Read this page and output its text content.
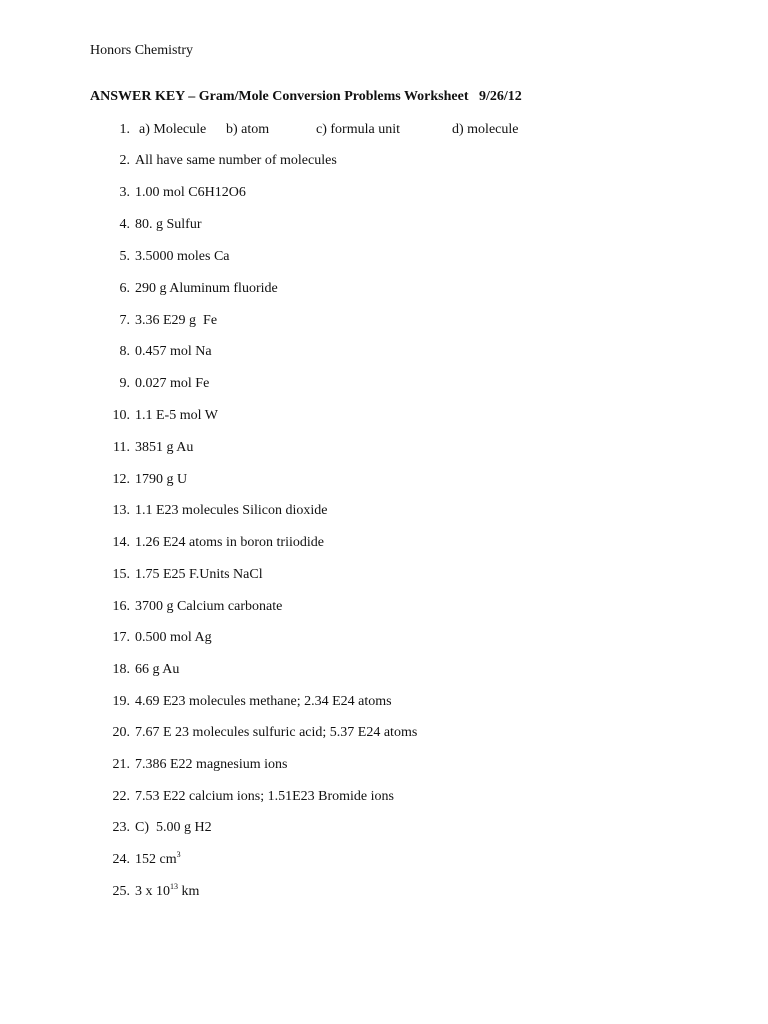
Honors Chemistry
ANSWER KEY – Gram/Mole Conversion Problems Worksheet   9/26/12
1. a) Molecule b) atom	c) formula unit	d) molecule
2. All have same number of molecules
3. 1.00 mol C6H12O6
4. 80. g Sulfur
5. 3.5000 moles Ca
6. 290 g Aluminum fluoride
7. 3.36 E29 g  Fe
8. 0.457 mol Na
9. 0.027 mol Fe
10. 1.1 E-5 mol W
11. 3851 g Au
12. 1790 g U
13. 1.1 E23 molecules Silicon dioxide
14. 1.26 E24 atoms in boron triiodide
15. 1.75 E25 F.Units NaCl
16. 3700 g Calcium carbonate
17. 0.500 mol Ag
18. 66 g Au
19. 4.69 E23 molecules methane; 2.34 E24 atoms
20. 7.67 E 23 molecules sulfuric acid; 5.37 E24 atoms
21. 7.386 E22 magnesium ions
22. 7.53 E22 calcium ions; 1.51E23 Bromide ions
23. C)  5.00 g H2
24. 152 $cm^3$
25. 3 x $10^{13}$ km
